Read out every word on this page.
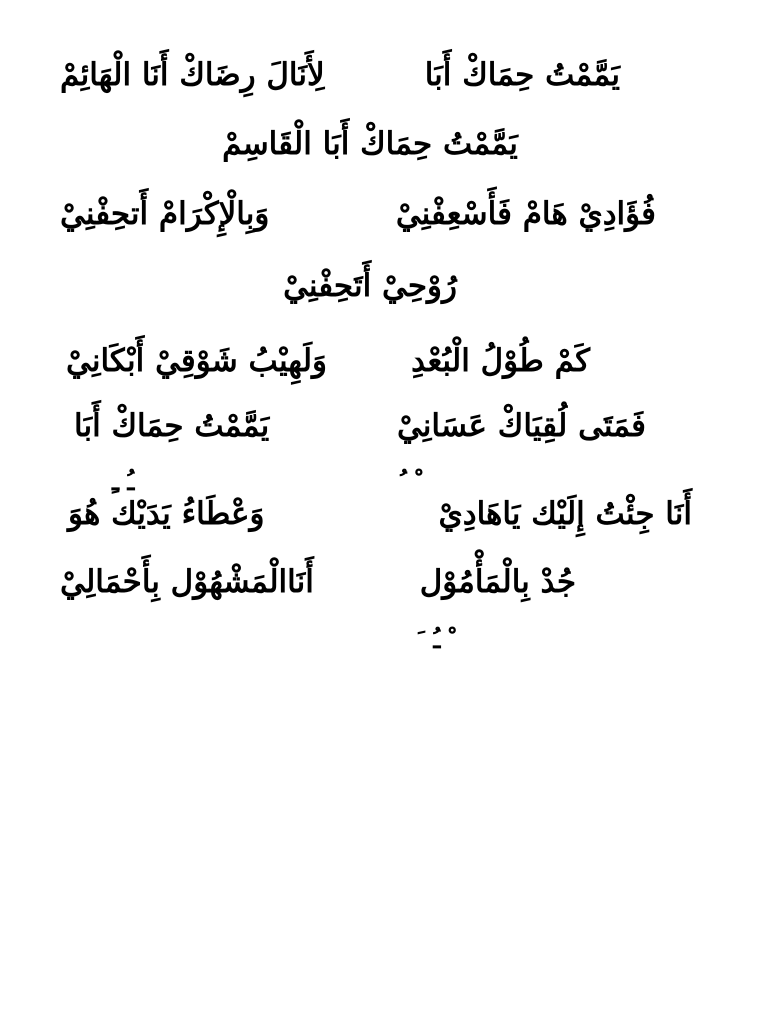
يَمَّمْتُ حِمَاكْ أَبَا
لِأَنَالَ رِضَاكْ أَنَا الْهَائِمْ
يَمَّمْتُ حِمَاكْ أَبَا الْقَاسِمْ
فُؤَادِيْ هَامْ فَأَسْعِفْنِيْ
وَبِالْإِكْرَامْ أَتحِفْنِيْ
رُوْحِيْ أَتَحِفْنِيْ
كَمْ طُوْلُ الْبُعْدِ
وَلَهِيْبُ شَوْقِيْ أَبْكَانِيْ
فَمَتَى لُقِيَاكْ عَسَانِيْ
يَمَّمْتُ حِمَاكْ أَبَا
ﹹ ﹻ	ﹾ ﹸ
أَنَا جِئْتُ إِلَيْك يَاهَادِيْ
وَعْطَاءُ يَدَيْك هُوَ
جُدْ بِالْمَأْمُوْل
أَنَاالْمَشْهُوْل بِأَحْمَالِيْ
ﹾ ﹹ ﹶ
